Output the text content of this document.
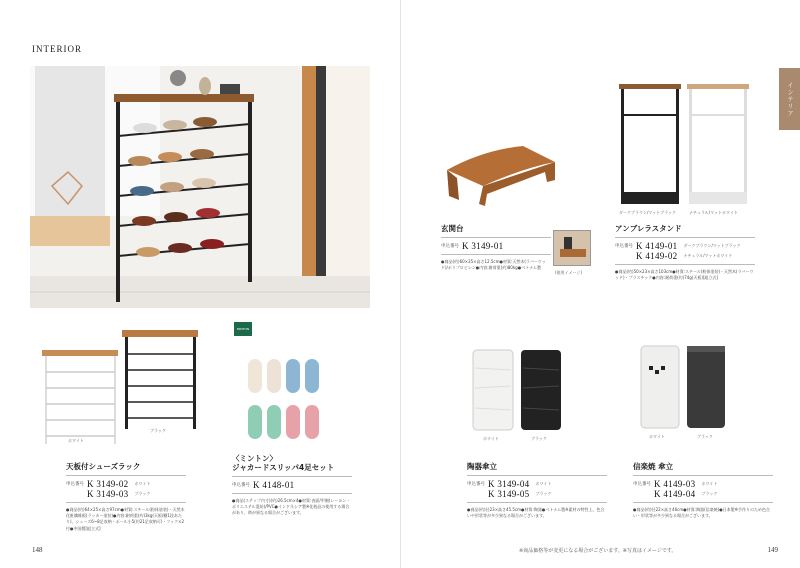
INTERIOR
ホワイト
ブラック
天板付シューズラック
申込番号 K 3149-02 ホワイト
K 3149-03 ブラック
●商品(約)64×25×高さ97cm●材質:スチール(粉体塗装)・天然木化粧繊維板(ラッカー塗装)●内容:耐荷重(約)3kg(天板/棚1段あたり)、シューズ6~8足収納・ポール小5(約21足収納可)・フック×2付●中国製[組立式]
MINTON
〈ミントン〉
ジャカードスリッパ4足セット
申込番号 K 4148-01
●商品(ステップ内寸)(約)26.5cm×4●材質:表面/甲側(レーヨン・ポリエステル混紡)/PVC●インドネシア製※化粧品の使用する場合があり、時が異なる場合がございます。
148
インテリア
玄関台
申込番号 K 3149-01
●商品(約)60×35×高さ12.5cm●材質:天然木(ラバーウッド)/ポリプロピレン●内容:耐荷重(約)80kg●ベトナム製
(使用イメージ)
ダークブラウン/マットブラック	ナチュラル/マットホワイト
アンブレラスタンド
申込番号 K 4149-01 ダークブラウン/マットブラック
K 4149-02 ナチュラル/マットホワイト
●商品(約)50×23×高さ103cm●材質:スチール(粉体塗装)・天然木(ラバーウッド)・プラスチック●内容:耐荷重(約)74g(天板)[組立式]
ホワイト	ブラック
陶器傘立
申込番号 K 3149-04 ホワイト
K 3149-05 ブラック
●商品(約)径23×高さ45.5cm●材質:陶器●ベトナム製※素材の特性上、色合いや形状等が多少異なる場合がございます。
ホワイト	ブラック
信楽焼 傘立
申込番号 K 4149-03 ホワイト
K 4149-04 ブラック
●商品(約)径22×高さ46cm●材質:陶器(信楽焼)●日本製※手作りのため色合い・形状等が多少異なる場合がございます。
※商品価格等が変更になる場合がございます。※写真はイメージです。	149
